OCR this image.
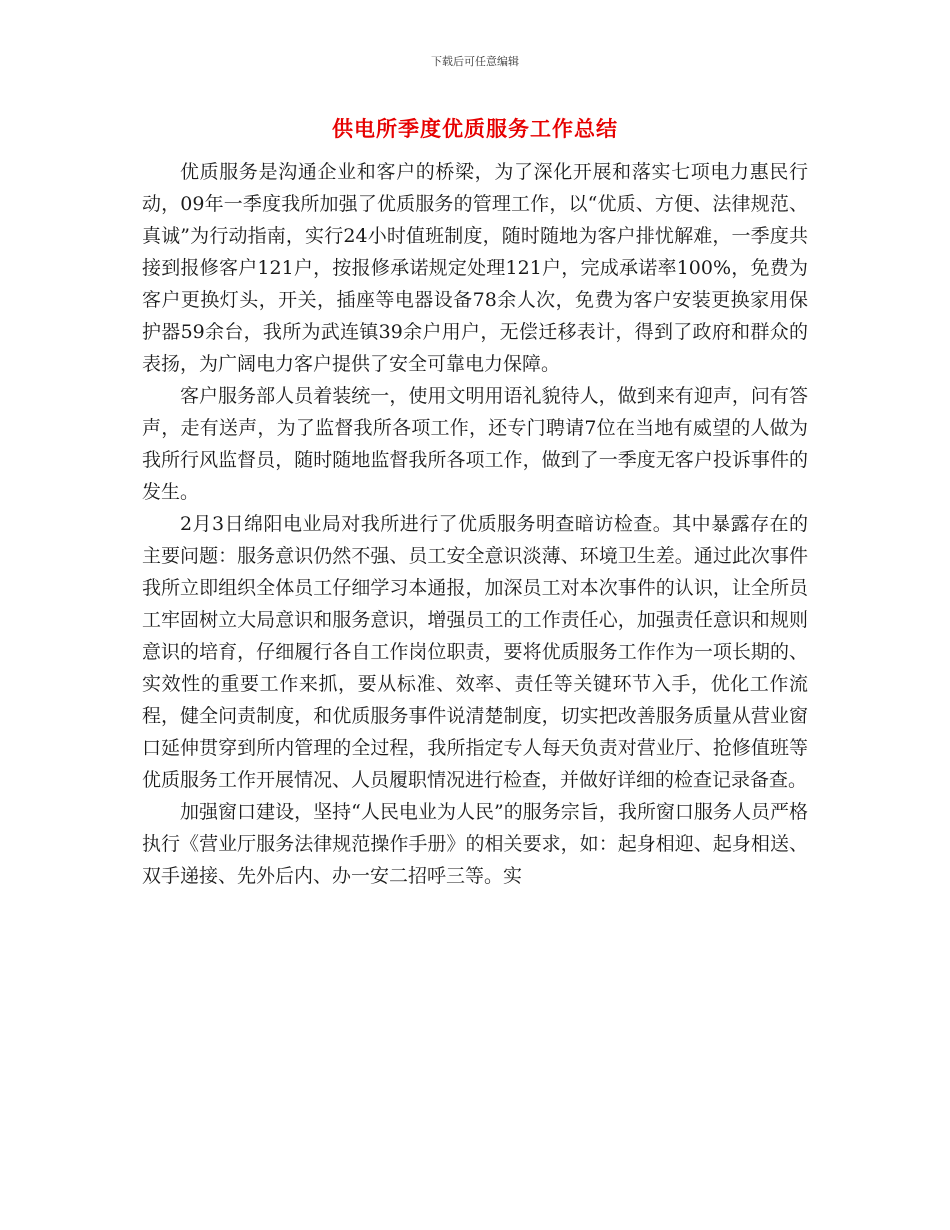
下载后可任意编辑
供电所季度优质服务工作总结

优质服务是沟通企业和客户的桥梁，为了深化开展和落实七项电力惠民行动，09年一季度我所加强了优质服务的管理工作，以“优质、方便、法律规范、真诚”为行动指南，实行24小时值班制度，随时随地为客户排忧解难，一季度共接到报修客户121户，按报修承诺规定处理121户，完成承诺率100%，免费为客户更换灯头，开关，插座等电器设备78余人次，免费为客户安装更换家用保护器59余台，我所为武连镇39余户用户，无偿迁移表计，得到了政府和群众的表扬，为广阔电力客户提供了安全可靠电力保障。

客户服务部人员着装统一，使用文明用语礼貌待人，做到来有迎声，问有答声，走有送声，为了监督我所各项工作，还专门聘请7位在当地有威望的人做为我所行风监督员，随时随地监督我所各项工作，做到了一季度无客户投诉事件的发生。

2月3日绵阳电业局对我所进行了优质服务明查暗访检查。其中暴露存在的主要问题：服务意识仍然不强、员工安全意识淡薄、环境卫生差。通过此次事件我所立即组织全体员工仔细学习本通报，加深员工对本次事件的认识，让全所员工牢固树立大局意识和服务意识，增强员工的工作责任心，加强责任意识和规则意识的培育，仔细履行各自工作岗位职责，要将优质服务工作作为一项长期的、实效性的重要工作来抓，要从标准、效率、责任等关键环节入手，优化工作流程，健全问责制度，和优质服务事件说清楚制度，切实把改善服务质量从营业窗口延伸贯穿到所内管理的全过程，我所指定专人每天负责对营业厅、抢修值班等优质服务工作开展情况、人员履职情况进行检查，并做好详细的检查记录备查。

加强窗口建设，坚持“人民电业为人民”的服务宗旨，我所窗口服务人员严格执行《营业厅服务法律规范操作手册》的相关要求，如：起身相迎、起身相送、双手递接、先外后内、办一安二招呼三等。实
